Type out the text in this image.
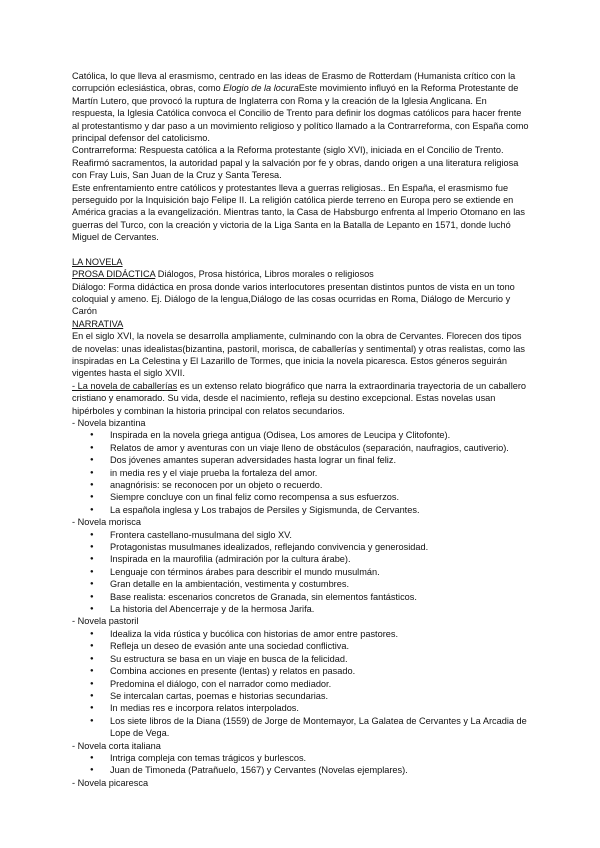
Católica, lo que lleva al erasmismo, centrado en las ideas de Erasmo de Rotterdam (Humanista crítico con la corrupción eclesiástica, obras, como Elogio de la locuraEste movimiento influyó en la Reforma Protestante de Martín Lutero, que provocó la ruptura de Inglaterra con Roma y la creación de la Iglesia Anglicana. En respuesta, la Iglesia Católica convoca el Concilio de Trento para definir los dogmas católicos para hacer frente al protestantismo y dar paso a un movimiento religioso y político llamado a la Contrarreforma, con España como principal defensor del catolicismo.

Contrarreforma: Respuesta católica a la Reforma protestante (siglo XVI), iniciada en el Concilio de Trento. Reafirmó sacramentos, la autoridad papal y la salvación por fe y obras, dando origen a una literatura religiosa con Fray Luis, San Juan de la Cruz y Santa Teresa.

Este enfrentamiento entre católicos y protestantes lleva a guerras religiosas.. En España, el erasmismo fue perseguido por la Inquisición bajo Felipe II. La religión católica pierde terreno en Europa pero se extiende en América gracias a la evangelización. Mientras tanto, la Casa de Habsburgo enfrenta al Imperio Otomano en las guerras del Turco, con la creación y victoria de la Liga Santa en la Batalla de Lepanto en 1571, donde luchó Miguel de Cervantes.

LA NOVELA

PROSA DIDÁCTICA Diálogos, Prosa histórica, Libros morales o religiosos

Diálogo: Forma didáctica en prosa donde varios interlocutores presentan distintos puntos de vista en un tono coloquial y ameno. Ej. Diálogo de la lengua,Diálogo de las cosas ocurridas en Roma, Diálogo de Mercurio y Carón

NARRATIVA

En el siglo XVI, la novela se desarrolla ampliamente, culminando con la obra de Cervantes. Florecen dos tipos de novelas: unas idealistas(bizantina, pastoril, morisca, de caballerías y sentimental) y otras realistas, como las inspiradas en La Celestina y El Lazarillo de Tormes, que inicia la novela picaresca. Estos géneros seguirán vigentes hasta el siglo XVII.

- La novela de caballerías es un extenso relato biográfico que narra la extraordinaria trayectoria de un caballero cristiano y enamorado. Su vida, desde el nacimiento, refleja su destino excepcional. Estas novelas usan hipérboles y combinan la historia principal con relatos secundarios.

- Novela bizantina

● Inspirada en la novela griega antigua (Odisea, Los amores de Leucipa y Clitofonte).
● Relatos de amor y aventuras con un viaje lleno de obstáculos (separación, naufragios, cautiverio).
● Dos jóvenes amantes superan adversidades hasta lograr un final feliz.
● in media res y el viaje prueba la fortaleza del amor.
● anagnórisis: se reconocen por un objeto o recuerdo.
● Siempre concluye con un final feliz como recompensa a sus esfuerzos.
● La española inglesa y Los trabajos de Persiles y Sigismunda, de Cervantes.

- Novela morisca

● Frontera castellano-musulmana del siglo XV.
● Protagonistas musulmanes idealizados, reflejando convivencia y generosidad.
● Inspirada en la maurofilia (admiración por la cultura árabe).
● Lenguaje con términos árabes para describir el mundo musulmán.
● Gran detalle en la ambientación, vestimenta y costumbres.
● Base realista: escenarios concretos de Granada, sin elementos fantásticos.
● La historia del Abencerraje y de la hermosa Jarifa.

- Novela pastoril

● Idealiza la vida rústica y bucólica con historias de amor entre pastores.
● Refleja un deseo de evasión ante una sociedad conflictiva.
● Su estructura se basa en un viaje en busca de la felicidad.
● Combina acciones en presente (lentas) y relatos en pasado.
● Predomina el diálogo, con el narrador como mediador.
● Se intercalan cartas, poemas e historias secundarias.
● In medias res e incorpora relatos interpolados.
● Los siete libros de la Diana (1559) de Jorge de Montemayor, La Galatea de Cervantes y La Arcadia de Lope de Vega.

- Novela corta italiana

● Intriga compleja con temas trágicos y burlescos.
● Juan de Timoneda (Patrañuelo, 1567) y Cervantes (Novelas ejemplares).

- Novela picaresca
